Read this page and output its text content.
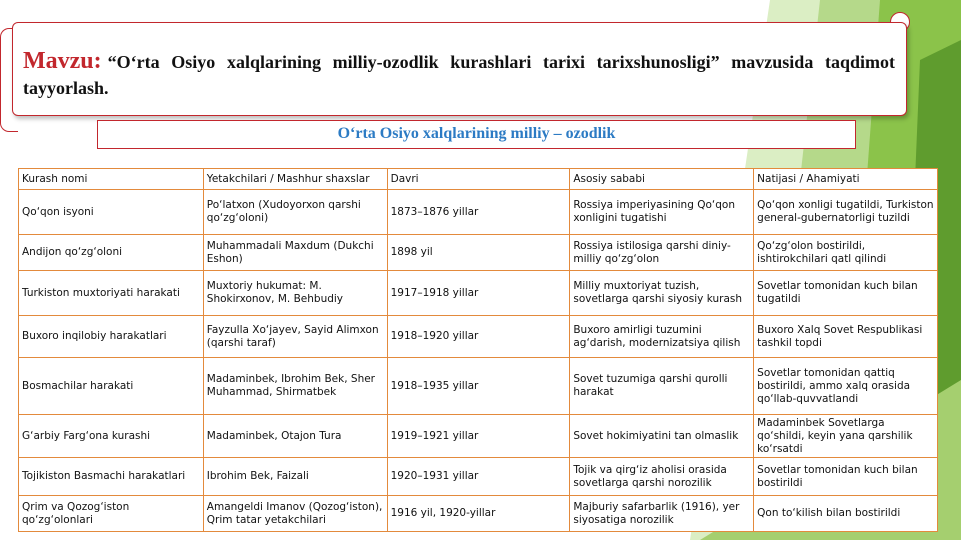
Mavzu: “O‘rta Osiyo xalqlarining milliy-ozodlik kurashlari tarixi tarixshunosligi” mavzusida taqdimot tayyorlash.
O‘rta Osiyo xalqlarining milliy – ozodlik
Kurash nomi	Yetakchilari / Mashhur shaxslar	Davri	Asosiy sababi	Natijasi / Ahamiyati
Qo‘qon isyoni	Po‘latxon (Xudoyorxon qarshi qo‘zg‘oloni)	1873–1876 yillar	Rossiya imperiyasining Qo‘qon xonligini tugatishi	Qo‘qon xonligi tugatildi, Turkiston general-gubernatorligi tuzildi
Andijon qo‘zg‘oloni	Muhammadali Maxdum (Dukchi Eshon)	1898 yil	Rossiya istilosiga qarshi diniy-milliy qo‘zg‘olon	Qo‘zg‘olon bostirildi, ishtirokchilari qatl qilindi
Turkiston muxtoriyati harakati	Muxtoriy hukumat: M. Shokirxonov, M. Behbudiy	1917–1918 yillar	Milliy muxtoriyat tuzish, sovetlarga qarshi siyosiy kurash	Sovetlar tomonidan kuch bilan tugatildi
Buxoro inqilobiy harakatlari	Fayzulla Xo‘jayev, Sayid Alimxon (qarshi taraf)	1918–1920 yillar	Buxoro amirligi tuzumini ag‘darish, modernizatsiya qilish	Buxoro Xalq Sovet Respublikasi tashkil topdi
Bosmachilar harakati	Madaminbek, Ibrohim Bek, Sher Muhammad, Shirmatbek	1918–1935 yillar	Sovet tuzumiga qarshi qurolli harakat	Sovetlar tomonidan qattiq bostirildi, ammo xalq orasida qo‘llab-quvvatlandi
G‘arbiy Farg‘ona kurashi	Madaminbek, Otajon Tura	1919–1921 yillar	Sovet hokimiyatini tan olmaslik	Madaminbek Sovetlarga qo‘shildi, keyin yana qarshilik ko‘rsatdi
Tojikiston Basmachi harakatlari	Ibrohim Bek, Faizali	1920–1931 yillar	Tojik va qirg‘iz aholisi orasida sovetlarga qarshi norozilik	Sovetlar tomonidan kuch bilan bostirildi
Qrim va Qozog‘iston qo‘zg‘olonlari	Amangeldi Imanov (Qozog‘iston), Qrim tatar yetakchilari	1916 yil, 1920-yillar	Majburiy safarbarlik (1916), yer siyosatiga norozilik	Qon to‘kilish bilan bostirildi
